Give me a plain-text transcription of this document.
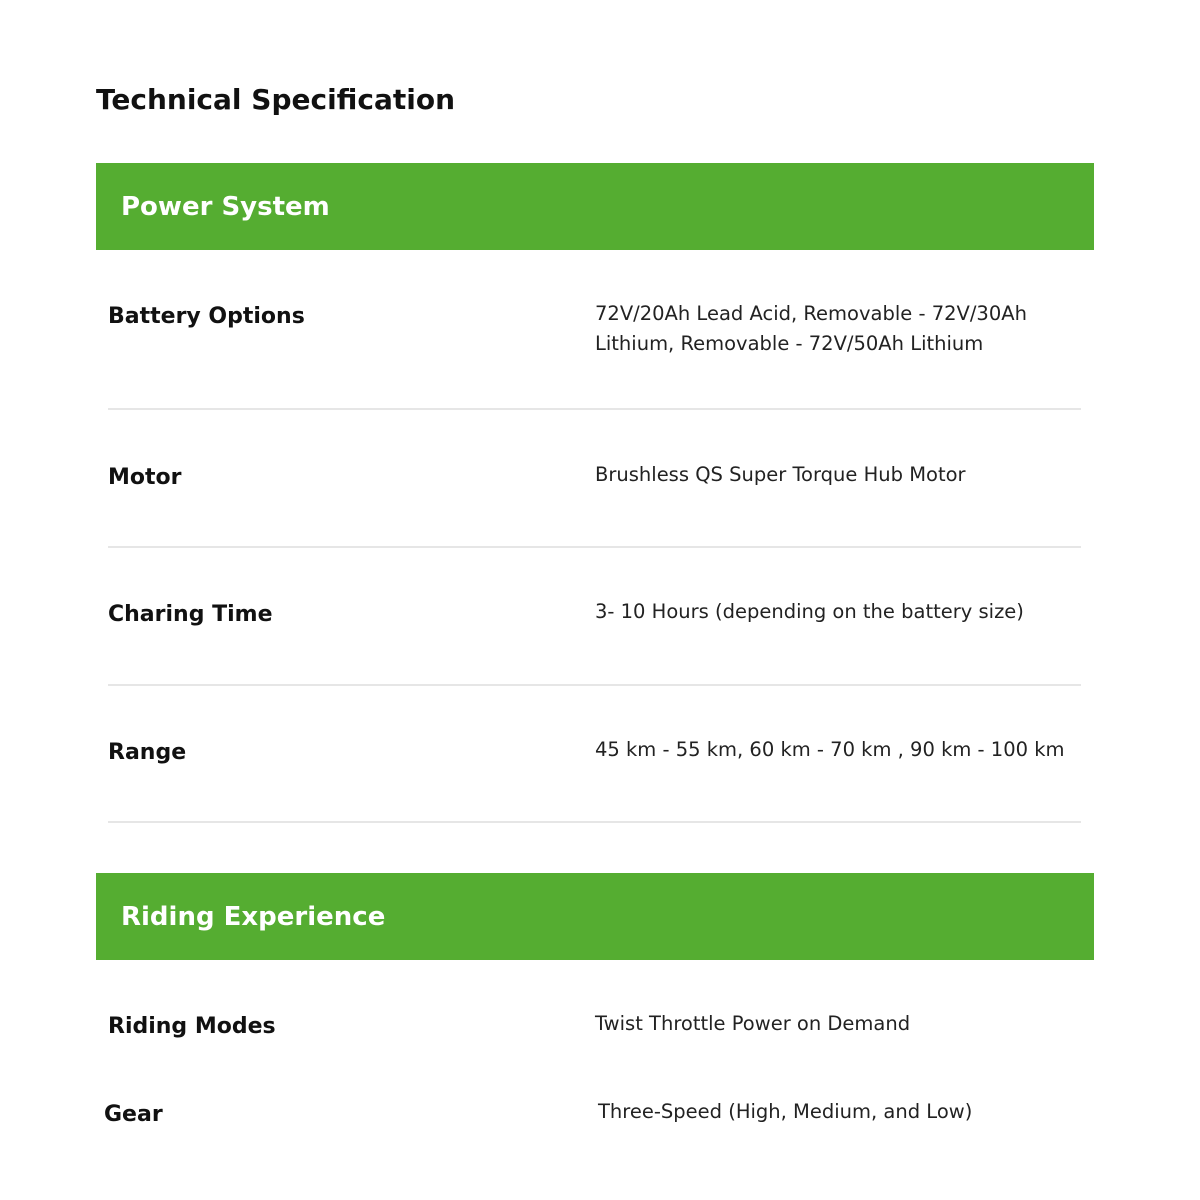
Technical Specification
Power System
Battery Options	72V/20Ah Lead Acid, Removable - 72V/30Ah Lithium, Removable - 72V/50Ah Lithium
Motor	Brushless QS Super Torque Hub Motor
Charing Time	3- 10 Hours (depending on the battery size)
Range	45 km - 55 km, 60 km - 70 km , 90 km - 100 km
Riding Experience
Riding Modes	Twist Throttle Power on Demand
Gear	Three-Speed (High, Medium, and Low)
